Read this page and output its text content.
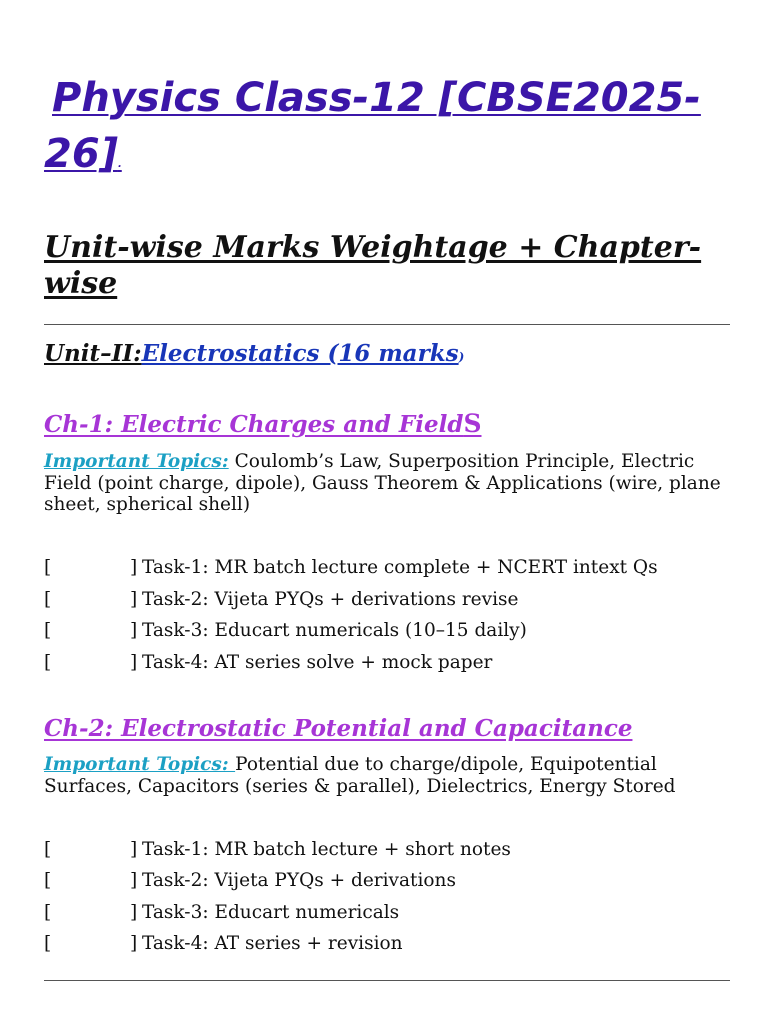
Physics Class-12 [CBSE2025-
26].
Unit-wise Marks Weightage + Chapter-
wise
Unit–II:Electrostatics (16 marks)
Ch-1: Electric Charges and FieldS
Important Topics: Coulomb’s Law, Superposition Principle, Electric Field (point charge, dipole), Gauss Theorem & Applications (wire, plane sheet, spherical shell)
[	] Task-1: MR batch lecture complete + NCERT intext Qs
[	] Task-2: Vijeta PYQs + derivations revise
[	] Task-3: Educart numericals (10–15 daily)
[	] Task-4: AT series solve + mock paper
Ch-2: Electrostatic Potential and Capacitance
Important Topics: Potential due to charge/dipole, Equipotential Surfaces, Capacitors (series & parallel), Dielectrics, Energy Stored
[	] Task-1: MR batch lecture + short notes
[	] Task-2: Vijeta PYQs + derivations
[	] Task-3: Educart numericals
[	] Task-4: AT series + revision
